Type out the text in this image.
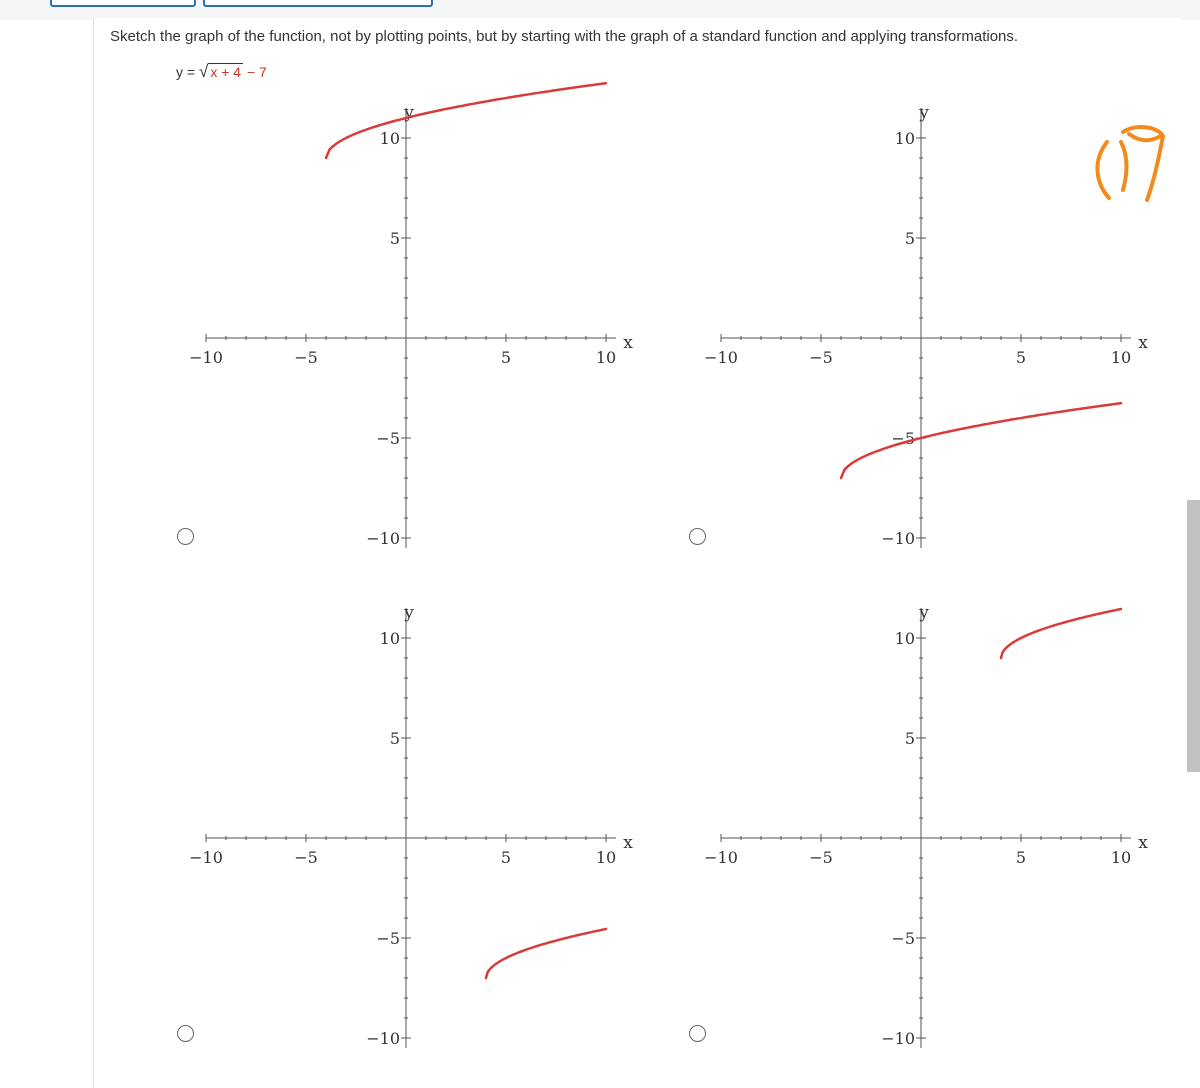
Sketch the graph of the function, not by plotting points, but by starting with the graph of a standard function and applying transformations.
y = √ x + 4 − 7
−10
−10
−5
−5
5
5
10
10
x
y
−10
−10
−5
−5
5
5
10
10
x
y
−10
−10
−5
−5
5
5
10
10
x
y
−10
−10
−5
−5
5
5
10
10
x
y
